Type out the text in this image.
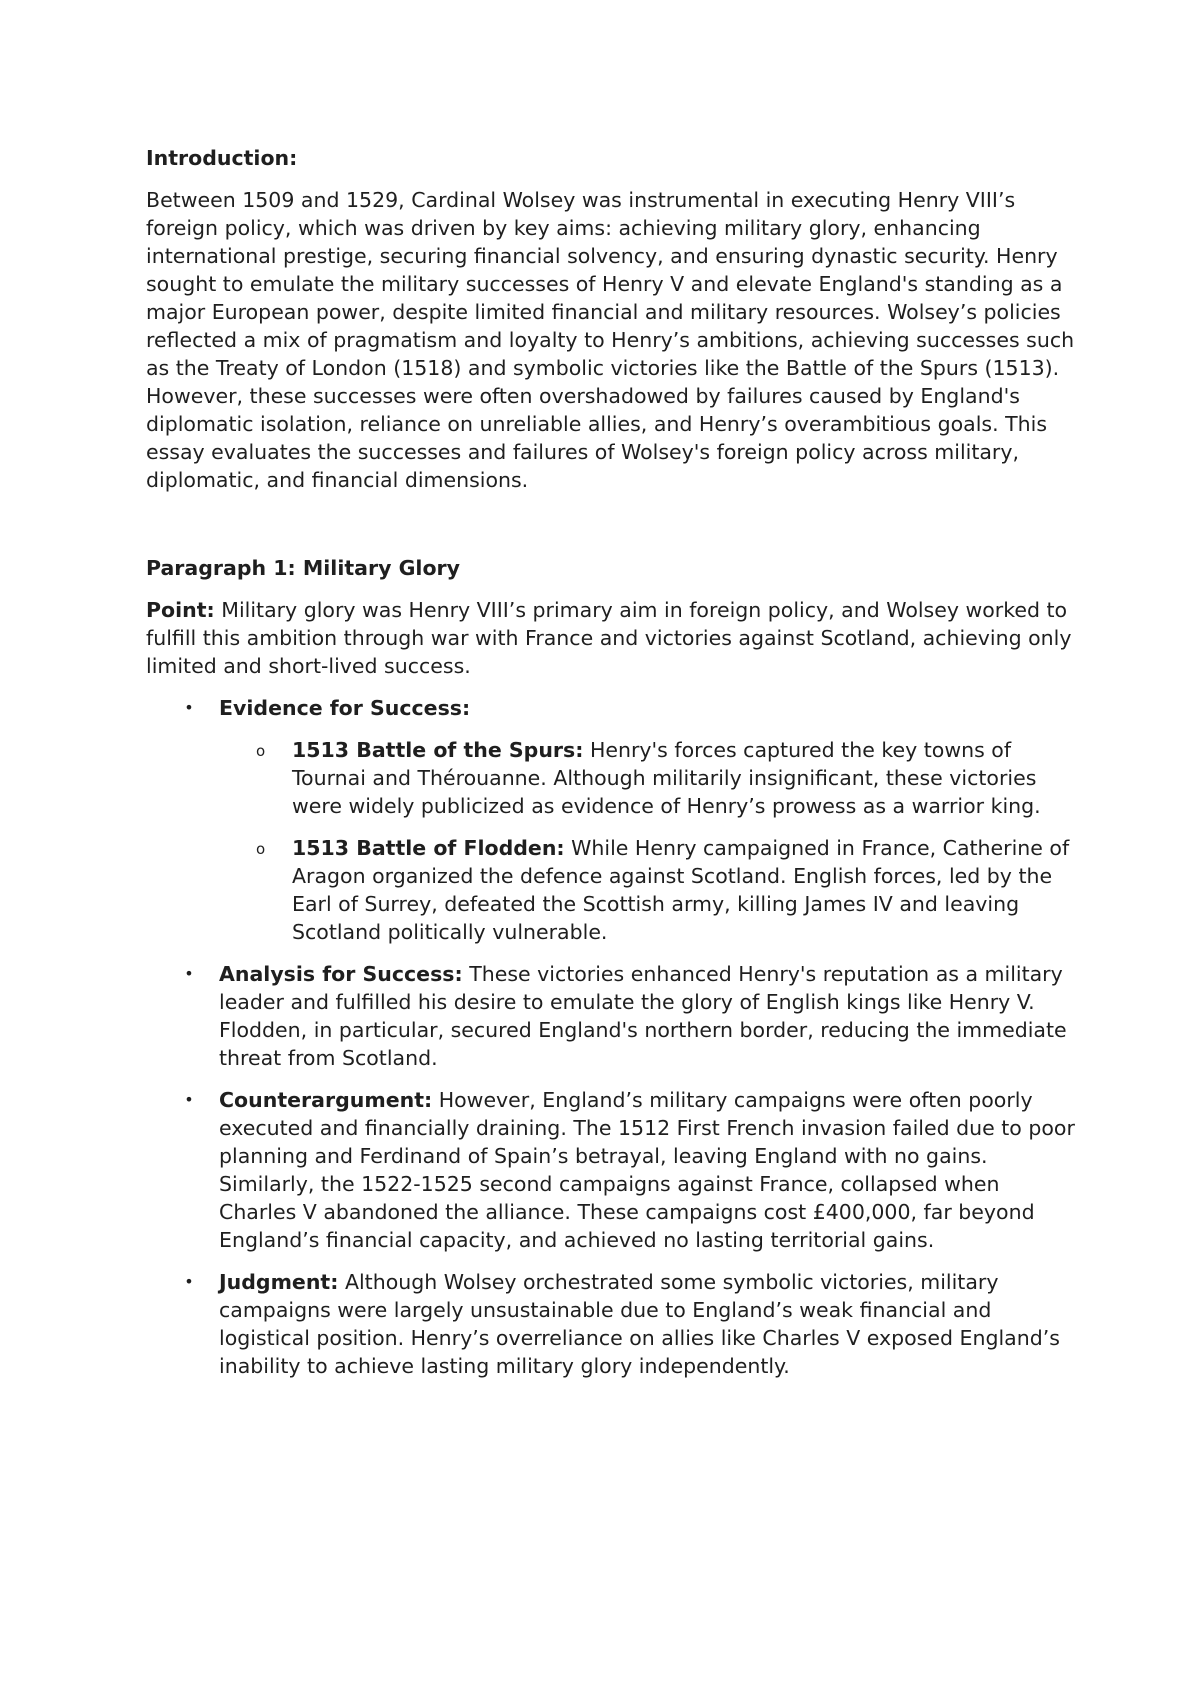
Introduction:

Between 1509 and 1529, Cardinal Wolsey was instrumental in executing Henry VIII’s foreign policy, which was driven by key aims: achieving military glory, enhancing international prestige, securing financial solvency, and ensuring dynastic security. Henry sought to emulate the military successes of Henry V and elevate England's standing as a major European power, despite limited financial and military resources. Wolsey’s policies reflected a mix of pragmatism and loyalty to Henry’s ambitions, achieving successes such as the Treaty of London (1518) and symbolic victories like the Battle of the Spurs (1513). However, these successes were often overshadowed by failures caused by England's diplomatic isolation, reliance on unreliable allies, and Henry’s overambitious goals. This essay evaluates the successes and failures of Wolsey's foreign policy across military, diplomatic, and financial dimensions.

Paragraph 1: Military Glory

Point: Military glory was Henry VIII’s primary aim in foreign policy, and Wolsey worked to fulfill this ambition through war with France and victories against Scotland, achieving only limited and short-lived success.

• Evidence for Success:
o 1513 Battle of the Spurs: Henry's forces captured the key towns of Tournai and Thérouanne. Although militarily insignificant, these victories were widely publicized as evidence of Henry’s prowess as a warrior king.
o 1513 Battle of Flodden: While Henry campaigned in France, Catherine of Aragon organized the defence against Scotland. English forces, led by the Earl of Surrey, defeated the Scottish army, killing James IV and leaving Scotland politically vulnerable.
• Analysis for Success: These victories enhanced Henry's reputation as a military leader and fulfilled his desire to emulate the glory of English kings like Henry V. Flodden, in particular, secured England's northern border, reducing the immediate threat from Scotland.
• Counterargument: However, England’s military campaigns were often poorly executed and financially draining. The 1512 First French invasion failed due to poor planning and Ferdinand of Spain’s betrayal, leaving England with no gains. Similarly, the 1522-1525 second campaigns against France, collapsed when Charles V abandoned the alliance. These campaigns cost £400,000, far beyond England’s financial capacity, and achieved no lasting territorial gains.
• Judgment: Although Wolsey orchestrated some symbolic victories, military campaigns were largely unsustainable due to England’s weak financial and logistical position. Henry’s overreliance on allies like Charles V exposed England’s inability to achieve lasting military glory independently.
